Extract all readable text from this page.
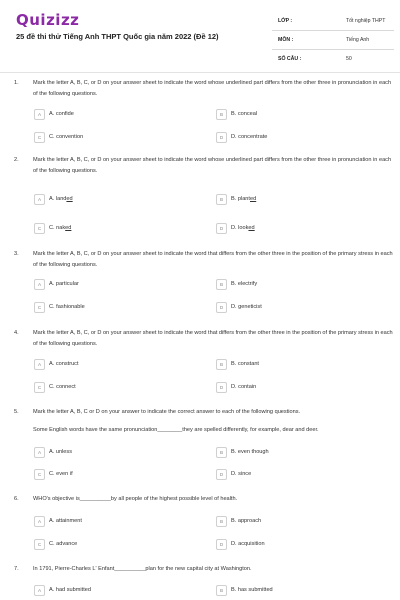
Quizizz
25 đề thi thử Tiếng Anh THPT Quốc gia năm 2022 (Đề 12)
LỚP :	Tốt nghiệp THPT
MÔN :	Tiếng Anh
SỐ CÂU :	50
1.	Mark the letter A, B, C, or D on your answer sheet to indicate the word whose underlined part differs from the other three in pronunciation in each of the following questions.
A	A. confide	B	B. conceal
C	C. convention	D	D. concentrate
2.	Mark the letter A, B, C, or D on your answer sheet to indicate the word whose underlined part differs from the other three in pronunciation in each of the following questions.
A	A. landed	B	B. planted
C	C. naked	D	D. looked
3.	Mark the letter A, B, C, or D on your answer sheet to indicate the word that differs from the other three in the position of the primary stress in each of the following questions.
A	A. particular	B	B. electrify
C	C. fashionable	D	D. geneticist
4.	Mark the letter A, B, C, or D on your answer sheet to indicate the word that differs from the other three in the position of the primary stress in each of the following questions.
A	A. construct	B	B. constant
C	C. connect	D	D. contain
5.	Mark the letter A, B, C or D on your answer to indicate the correct answer to each of the following questions.
Some English words have the same pronunciation________they are spelled differently, for example, dear and deer.
A	A. unless	B	B. even though
C	C. even if	D	D. since
6.	WHO's objective is__________by all people of the highest possible level of health.
A	A. attainment	B	B. approach
C	C. advance	D	D. acquisition
7.	In 1791, Pierre-Charles L' Enfant__________plan for the new capital city at Washington.
A	A. had submitted	B	B. has submitted
